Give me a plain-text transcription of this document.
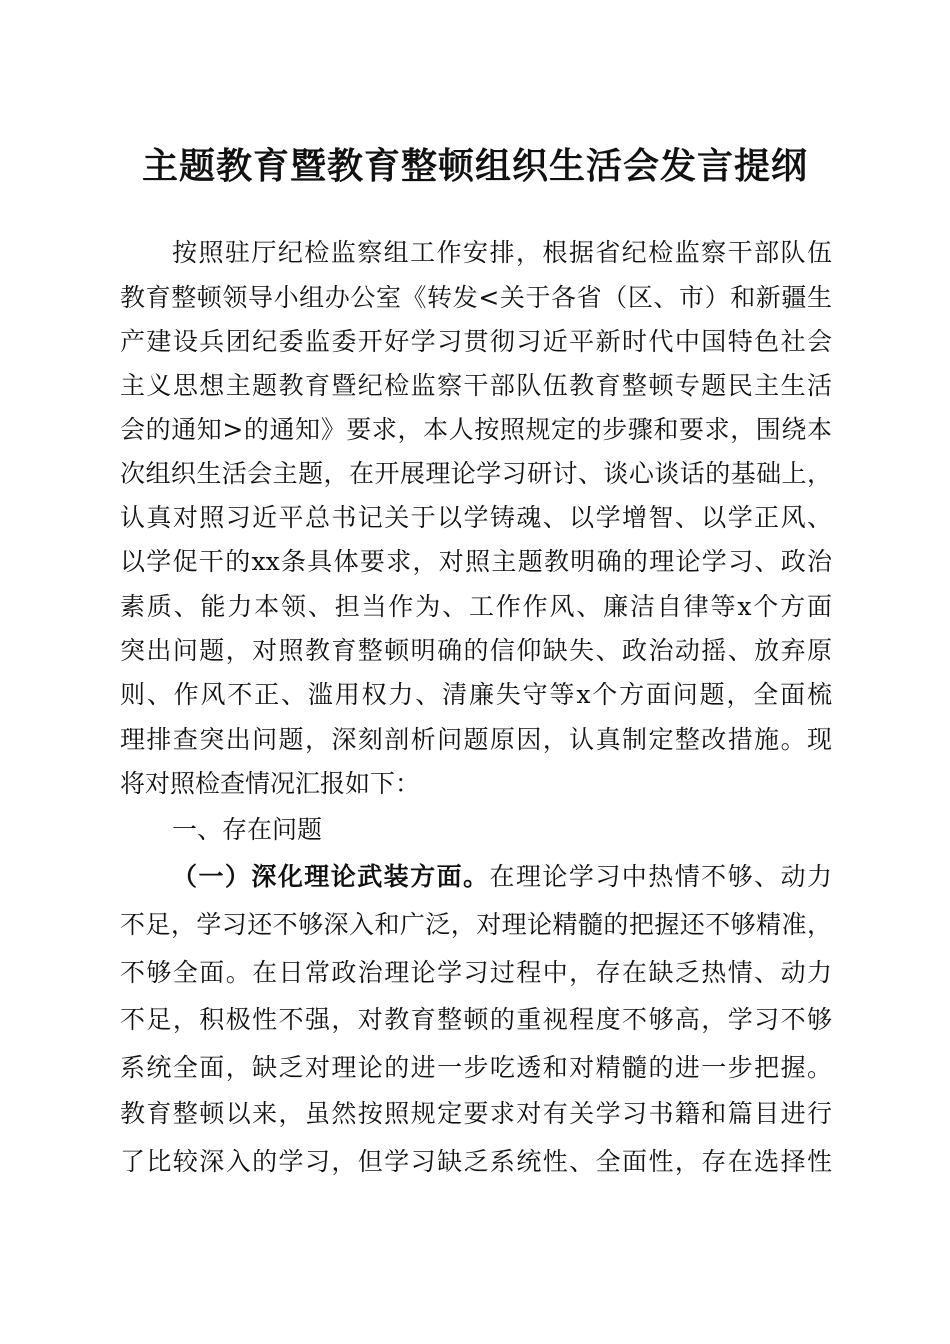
主题教育暨教育整顿组织生活会发言提纲
按照驻厅纪检监察组工作安排，根据省纪检监察干部队伍
教育整顿领导小组办公室《转发<关于各省（区、市）和新疆生
产建设兵团纪委监委开好学习贯彻习近平新时代中国特色社会
主义思想主题教育暨纪检监察干部队伍教育整顿专题民主生活
会的通知>的通知》要求，本人按照规定的步骤和要求，围绕本
次组织生活会主题，在开展理论学习研讨、谈心谈话的基础上，
认真对照习近平总书记关于以学铸魂、以学增智、以学正风、
以学促干的xx条具体要求，对照主题教明确的理论学习、政治
素质、能力本领、担当作为、工作作风、廉洁自律等x个方面
突出问题，对照教育整顿明确的信仰缺失、政治动摇、放弃原
则、作风不正、滥用权力、清廉失守等x个方面问题，全面梳
理排查突出问题，深刻剖析问题原因，认真制定整改措施。现
将对照检查情况汇报如下：
一、存在问题
（一）深化理论武装方面。在理论学习中热情不够、动力
不足，学习还不够深入和广泛，对理论精髓的把握还不够精准，
不够全面。在日常政治理论学习过程中，存在缺乏热情、动力
不足，积极性不强，对教育整顿的重视程度不够高，学习不够
系统全面，缺乏对理论的进一步吃透和对精髓的进一步把握。
教育整顿以来，虽然按照规定要求对有关学习书籍和篇目进行
了比较深入的学习，但学习缺乏系统性、全面性，存在选择性
